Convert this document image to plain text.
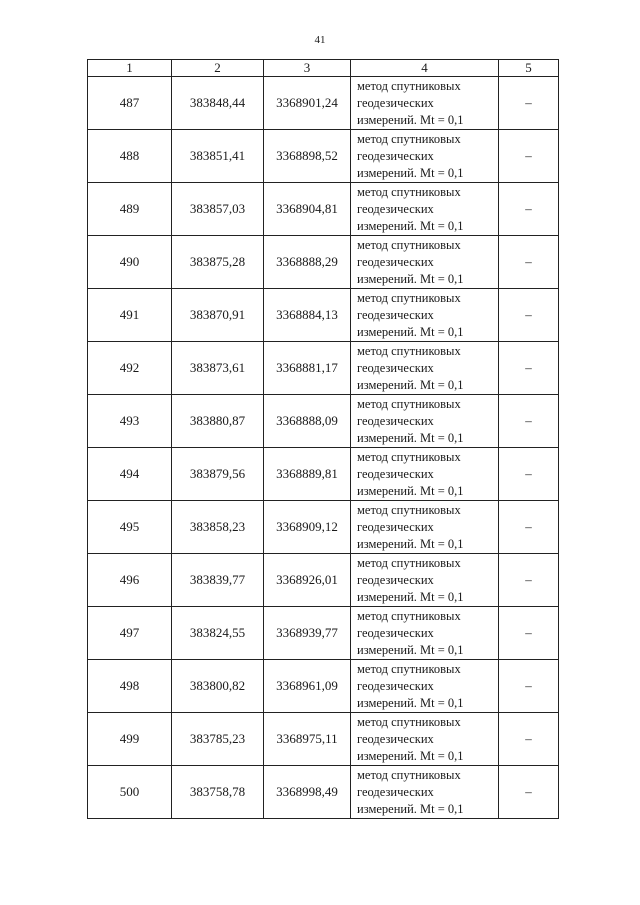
41
1	2	3	4	5
487	383848,44	3368901,24	метод спутниковых
геодезических
измерений. Mt = 0,1	–
488	383851,41	3368898,52	метод спутниковых
геодезических
измерений. Mt = 0,1	–
489	383857,03	3368904,81	метод спутниковых
геодезических
измерений. Mt = 0,1	–
490	383875,28	3368888,29	метод спутниковых
геодезических
измерений. Mt = 0,1	–
491	383870,91	3368884,13	метод спутниковых
геодезических
измерений. Mt = 0,1	–
492	383873,61	3368881,17	метод спутниковых
геодезических
измерений. Mt = 0,1	–
493	383880,87	3368888,09	метод спутниковых
геодезических
измерений. Mt = 0,1	–
494	383879,56	3368889,81	метод спутниковых
геодезических
измерений. Mt = 0,1	–
495	383858,23	3368909,12	метод спутниковых
геодезических
измерений. Mt = 0,1	–
496	383839,77	3368926,01	метод спутниковых
геодезических
измерений. Mt = 0,1	–
497	383824,55	3368939,77	метод спутниковых
геодезических
измерений. Mt = 0,1	–
498	383800,82	3368961,09	метод спутниковых
геодезических
измерений. Mt = 0,1	–
499	383785,23	3368975,11	метод спутниковых
геодезических
измерений. Mt = 0,1	–
500	383758,78	3368998,49	метод спутниковых
геодезических
измерений. Mt = 0,1	–
